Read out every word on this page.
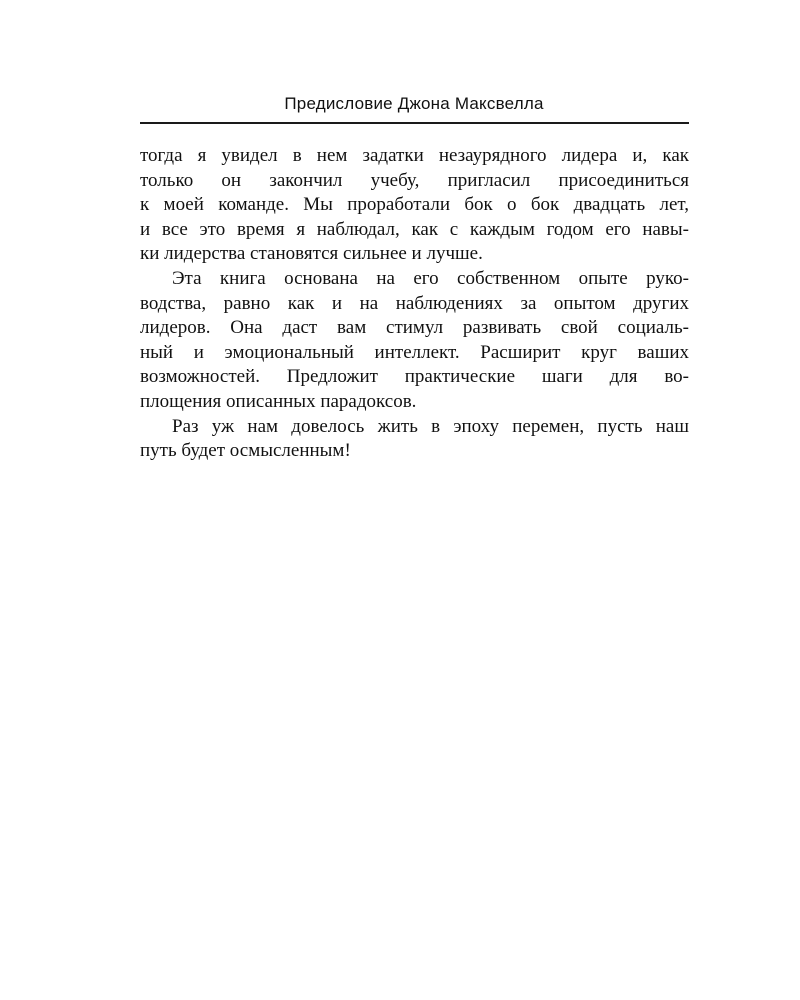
Предисловие Джона Максвелла
тогда я увидел в нем задатки незаурядного лидера и, как
только он закончил учебу, пригласил присоединиться
к моей команде. Мы проработали бок о бок двадцать лет,
и все это время я наблюдал, как с каждым годом его навы-
ки лидерства становятся сильнее и лучше.
Эта книга основана на его собственном опыте руко-
водства, равно как и на наблюдениях за опытом других
лидеров. Она даст вам стимул развивать свой социаль-
ный и эмоциональный интеллект. Расширит круг ваших
возможностей. Предложит практические шаги для во-
площения описанных парадоксов.
Раз уж нам довелось жить в эпоху перемен, пусть наш
путь будет осмысленным!
